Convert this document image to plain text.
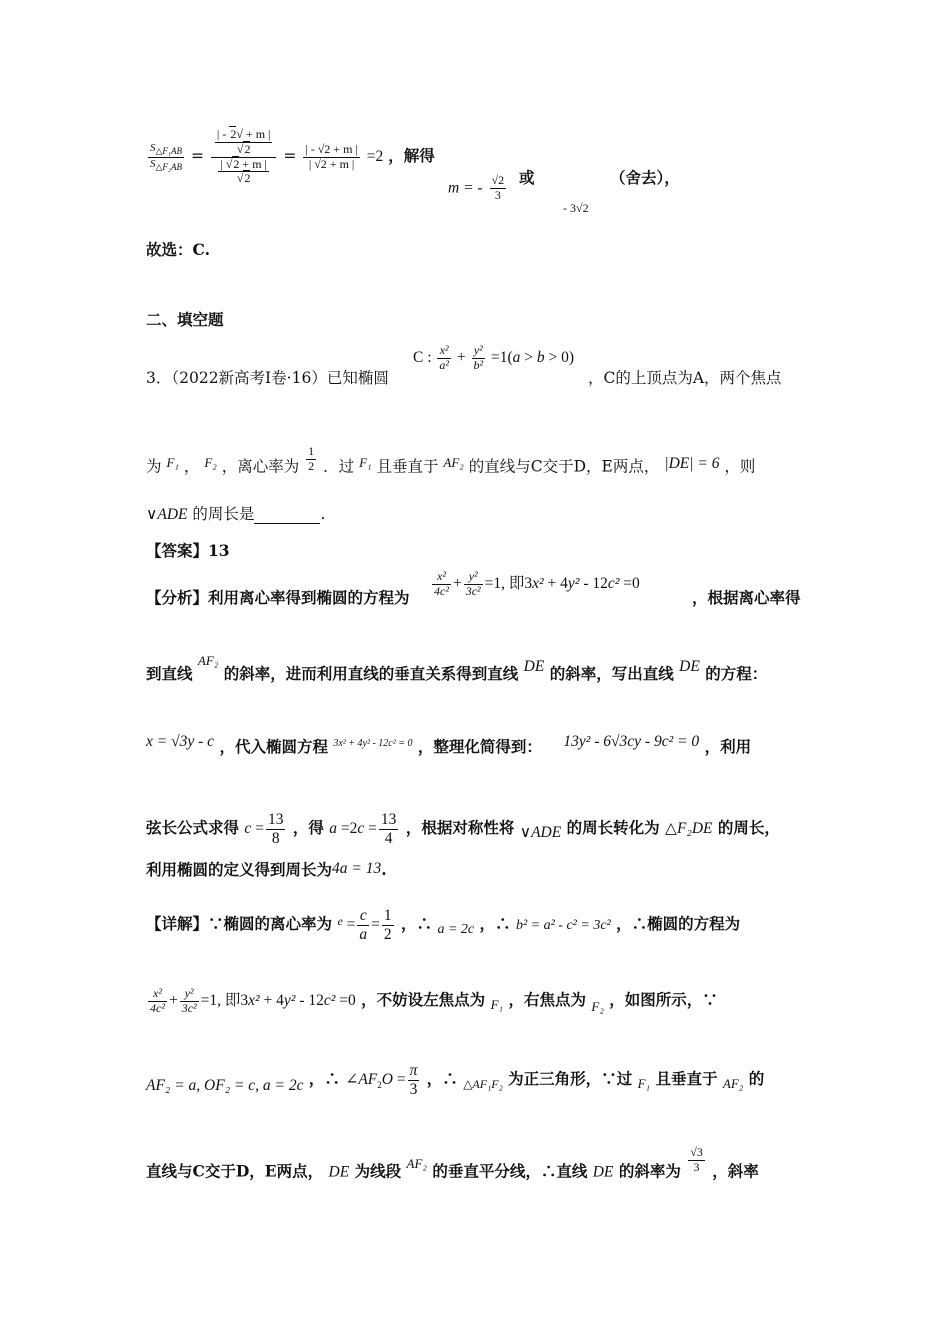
$\frac{S_{\triangle F_1AB}}{S_{\triangle F_2AB}} = \frac{\frac{| - 2√ + m |}{√2}}{\frac{| √2 + m |}{√2}} = \frac{| - √2 + m |}{| √2 + m |} =2$ ，解得
m = - $\frac{√2}{3}$ 或
- 3√2
（舍去），
故选：C.
二、填空题
3．（2022新高考Ⅰ卷·16）已知椭圆
C : $\frac{\text{x²}}{\text{a²}} + \frac{\text{y²}}{\text{b²}} =1(a > b > 0)$
，C的上顶点为A，两个焦点
为 $^{F_1}$ ， $^{F_2}$ ，离心率为 $\frac{1}{2}$ ．过 $^{F_1}$ 且垂直于 $^{AF_2}$ 的直线与C交于D，E两点， |DE| = 6 ，则
∨ADE 的周长是	.
【答案】13
【分析】利用离心率得到椭圆的方程为 $\frac{\text{x²}}{\text{4c²}} + \frac{\text{y²}}{\text{3c²}} =1$, 即3x² + 4y² - 12c² =0
，根据离心率得
到直线 $^{AF_2}$ 的斜率，进而利用直线的垂直关系得到直线 DE 的斜率，写出直线 DE 的方程：
x = √3y - c ，代入椭圆方程 $^{3x^2 + 4y^2 - 12c^2 = 0}$ ，整理化简得到： 13y² - 6√3cy - 9c² = 0 ，利用
弦长公式求得 $c = \frac{13}{8}$ ，得 $a =2c = \frac{13}{4}$ ，根据对称性将 ∨ADE 的周长转化为 △F₂DE 的周长，
利用椭圆的定义得到周长为4a = 13.
【详解】∵椭圆的离心率为 $^e = \frac{c}{a} = \frac{1}{2}$ ，∴ a = 2c ，∴ b² = a² - c² = 3c² ，∴椭圆的方程为
$\frac{\text{x²}}{\text{4c²}} + \frac{\text{y²}}{\text{3c²}} =1$, 即3x² + 4y² - 12c² =0 ，不妨设左焦点为 $_{F_1}$ ，右焦点为 $_{F_2}$ ，如图所示，∵
AF₂ = a, OF₂ = c, a = 2c ，∴ $\angle AF_2O = \frac{\pi}{3}$ ，∴ $_{\triangle AF_1F_2}$ 为正三角形，∵过 $_{F_1}$ 且垂直于 $_{AF_2}$ 的
直线与C交于D，E两点， DE 为线段 $^{AF_2}$ 的垂直平分线，∴直线 DE 的斜率为 $\frac{√3}{3}$ ，斜率
